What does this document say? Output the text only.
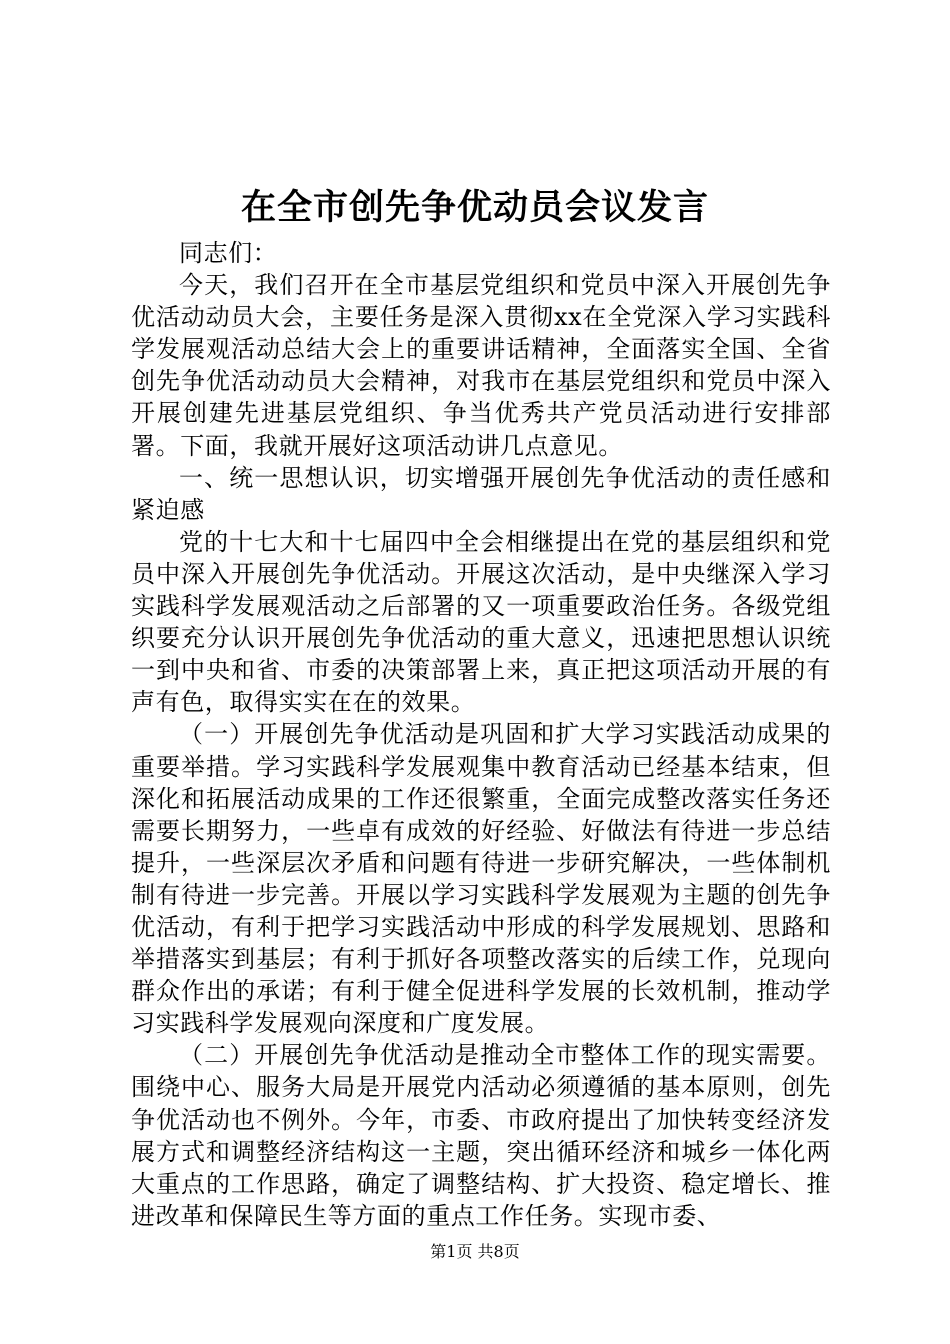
在全市创先争优动员会议发言

同志们：

今天，我们召开在全市基层党组织和党员中深入开展创先争优活动动员大会，主要任务是深入贯彻xx在全党深入学习实践科学发展观活动总结大会上的重要讲话精神，全面落实全国、全省创先争优活动动员大会精神，对我市在基层党组织和党员中深入开展创建先进基层党组织、争当优秀共产党员活动进行安排部署。下面，我就开展好这项活动讲几点意见。

一、统一思想认识，切实增强开展创先争优活动的责任感和紧迫感

党的十七大和十七届四中全会相继提出在党的基层组织和党员中深入开展创先争优活动。开展这次活动，是中央继深入学习实践科学发展观活动之后部署的又一项重要政治任务。各级党组织要充分认识开展创先争优活动的重大意义，迅速把思想认识统一到中央和省、市委的决策部署上来，真正把这项活动开展的有声有色，取得实实在在的效果。

（一）开展创先争优活动是巩固和扩大学习实践活动成果的重要举措。学习实践科学发展观集中教育活动已经基本结束，但深化和拓展活动成果的工作还很繁重，全面完成整改落实任务还需要长期努力，一些卓有成效的好经验、好做法有待进一步总结提升，一些深层次矛盾和问题有待进一步研究解决，一些体制机制有待进一步完善。开展以学习实践科学发展观为主题的创先争优活动，有利于把学习实践活动中形成的科学发展规划、思路和举措落实到基层；有利于抓好各项整改落实的后续工作，兑现向群众作出的承诺；有利于健全促进科学发展的长效机制，推动学习实践科学发展观向深度和广度发展。

（二）开展创先争优活动是推动全市整体工作的现实需要。围绕中心、服务大局是开展党内活动必须遵循的基本原则，创先争优活动也不例外。今年，市委、市政府提出了加快转变经济发展方式和调整经济结构这一主题，突出循环经济和城乡一体化两大重点的工作思路，确定了调整结构、扩大投资、稳定增长、推进改革和保障民生等方面的重点工作任务。实现市委、

第1页 共8页
